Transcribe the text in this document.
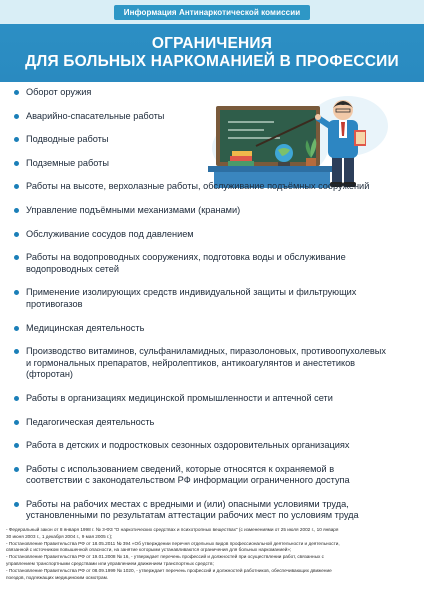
Информация Антинаркотической комиссии
ОГРАНИЧЕНИЯ
ДЛЯ БОЛЬНЫХ НАРКОМАНИЕЙ В ПРОФЕССИИ
Оборот оружия
Аварийно-спасательные работы
Подводные работы
Подземные работы
Работы на высоте, верхолазные работы, обслуживание подъёмных сооружений
Управление подъёмными механизмами (кранами)
Обслуживание сосудов под давлением
Работы на водопроводных сооружениях, подготовка воды и обслуживание
водопроводных сетей
Применение изолирующих средств индивидуальной защиты и фильтрующих
противогазов
Медицинская деятельность
Производство витаминов, сульфаниламидных, пиразолоновых, противоопухолевых
и гормональных препаратов, нейролептиков, антикоагулянтов и анестетиков
(фторотан)
Работы в организациях медицинской промышленности и аптечной сети
Педагогическая деятельность
Работа в детских и подростковых сезонных оздоровительных организациях
Работы с использованием сведений, которые относятся к охраняемой в
соответствии с законодательством РФ информации ограниченного доступа
Работы на рабочих местах с вредными и (или) опасными условиями труда,
установленными по результатам аттестации рабочих мест по условиям труда
- Федеральный закон от 8 января 1998 г. № 3-ФЗ "О наркотических средствах и психотропных веществах" (с изменениями от 25 июля 2002 г., 10 января
30 июня 2003 г., 1 декабря 2004 г., 9 мая 2005 г.);
- Постановление Правительства РФ от 18.05.2011 № 394 «Об утверждении перечня отдельных видов профессиональной деятельности и деятельности,
связанной с источником повышенной опасности, на занятие которыми устанавливаются ограничения для больных наркоманией»;
- Постановление Правительства РФ от 19.01.2008 № 16, - утверждает перечень профессий и должностей при осуществлении работ, связанных с
управлением транспортными средствами или управлением движением транспортных средств;
- Постановление Правительства РФ от 08.09.1999 № 1020, - утверждает перечень профессий и должностей работников, обеспечивающих движение
поездов, подлежащих медицинским осмотрам.
